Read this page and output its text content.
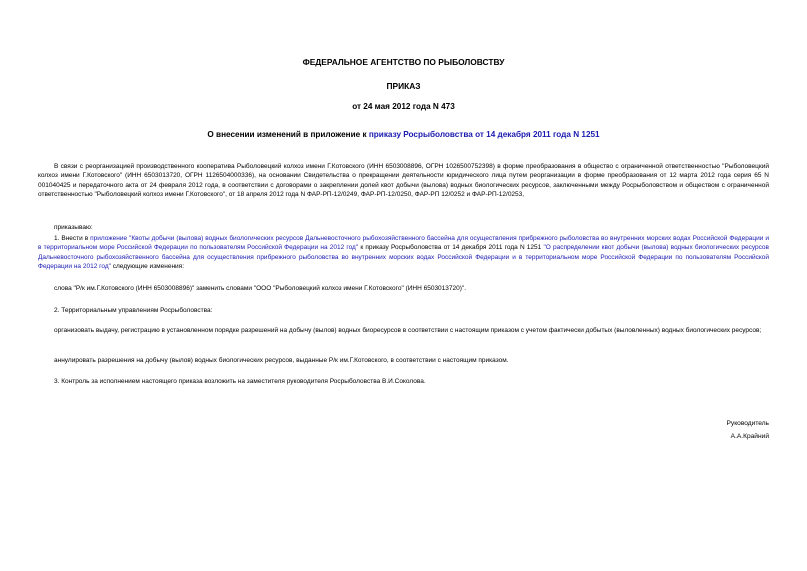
ФЕДЕРАЛЬНОЕ АГЕНТСТВО ПО РЫБОЛОВСТВУ
ПРИКАЗ
от 24 мая 2012 года N 473
О внесении изменений в приложение к приказу Росрыболовства от 14 декабря 2011 года N 1251
В связи с реорганизацией производственного кооператива Рыболовецкий колхоз имени Г.Котовского (ИНН 6503008896, ОГРН 1026500752398) в форме преобразования в общество с ограниченной ответственностью "Рыболовецкий колхоз имени Г.Котовского" (ИНН 6503013720, ОГРН 1126504000336), на основании Свидетельства о прекращении деятельности юридического лица путем реорганизации в форме преобразования от 12 марта 2012 года серия 65 N 001040425 и передаточного акта от 24 февраля 2012 года, в соответствии с договорами о закреплении долей квот добычи (вылова) водных биологических ресурсов, заключенными между Росрыболовством и обществом с ограниченной ответственностью "Рыболовецкий колхоз имени Г.Котовского", от 18 апреля 2012 года N ФАР-РП-12/0249, ФАР-РП-12/0250, ФАР-РП 12/0252 и ФАР-РП-12/0253,
приказываю:
1. Внести в приложение "Квоты добычи (вылова) водных биологических ресурсов Дальневосточного рыбохозяйственного бассейна для осуществления прибрежного рыболовства во внутренних морских водах Российской Федерации и в территориальном море Российской Федерации по пользователям Российской Федерации на 2012 год" к приказу Росрыболовства от 14 декабря 2011 года N 1251 "О распределении квот добычи (вылова) водных биологических ресурсов Дальневосточного рыбохозяйственного бассейна для осуществления прибрежного рыболовства во внутренних морских водах Российской Федерации и в территориальном море Российской Федерации по пользователям Российской Федерации на 2012 год" следующие изменения:
слова "Р/к им.Г.Котовского (ИНН 6503008896)" заменить словами "ООО "Рыболовецкий колхоз имени Г.Котовского" (ИНН 6503013720)".
2. Территориальным управлениям Росрыболовства:
организовать выдачу, регистрацию в установленном порядке разрешений на добычу (вылов) водных биоресурсов в соответствии с настоящим приказом с учетом фактически добытых (выловленных) водных биологических ресурсов;
аннулировать разрешения на добычу (вылов) водных биологических ресурсов, выданные Р/к им.Г.Котовского, в соответствии с настоящим приказом.
3. Контроль за исполнением настоящего приказа возложить на заместителя руководителя Росрыболовства В.И.Соколова.
Руководитель
А.А.Крайний
